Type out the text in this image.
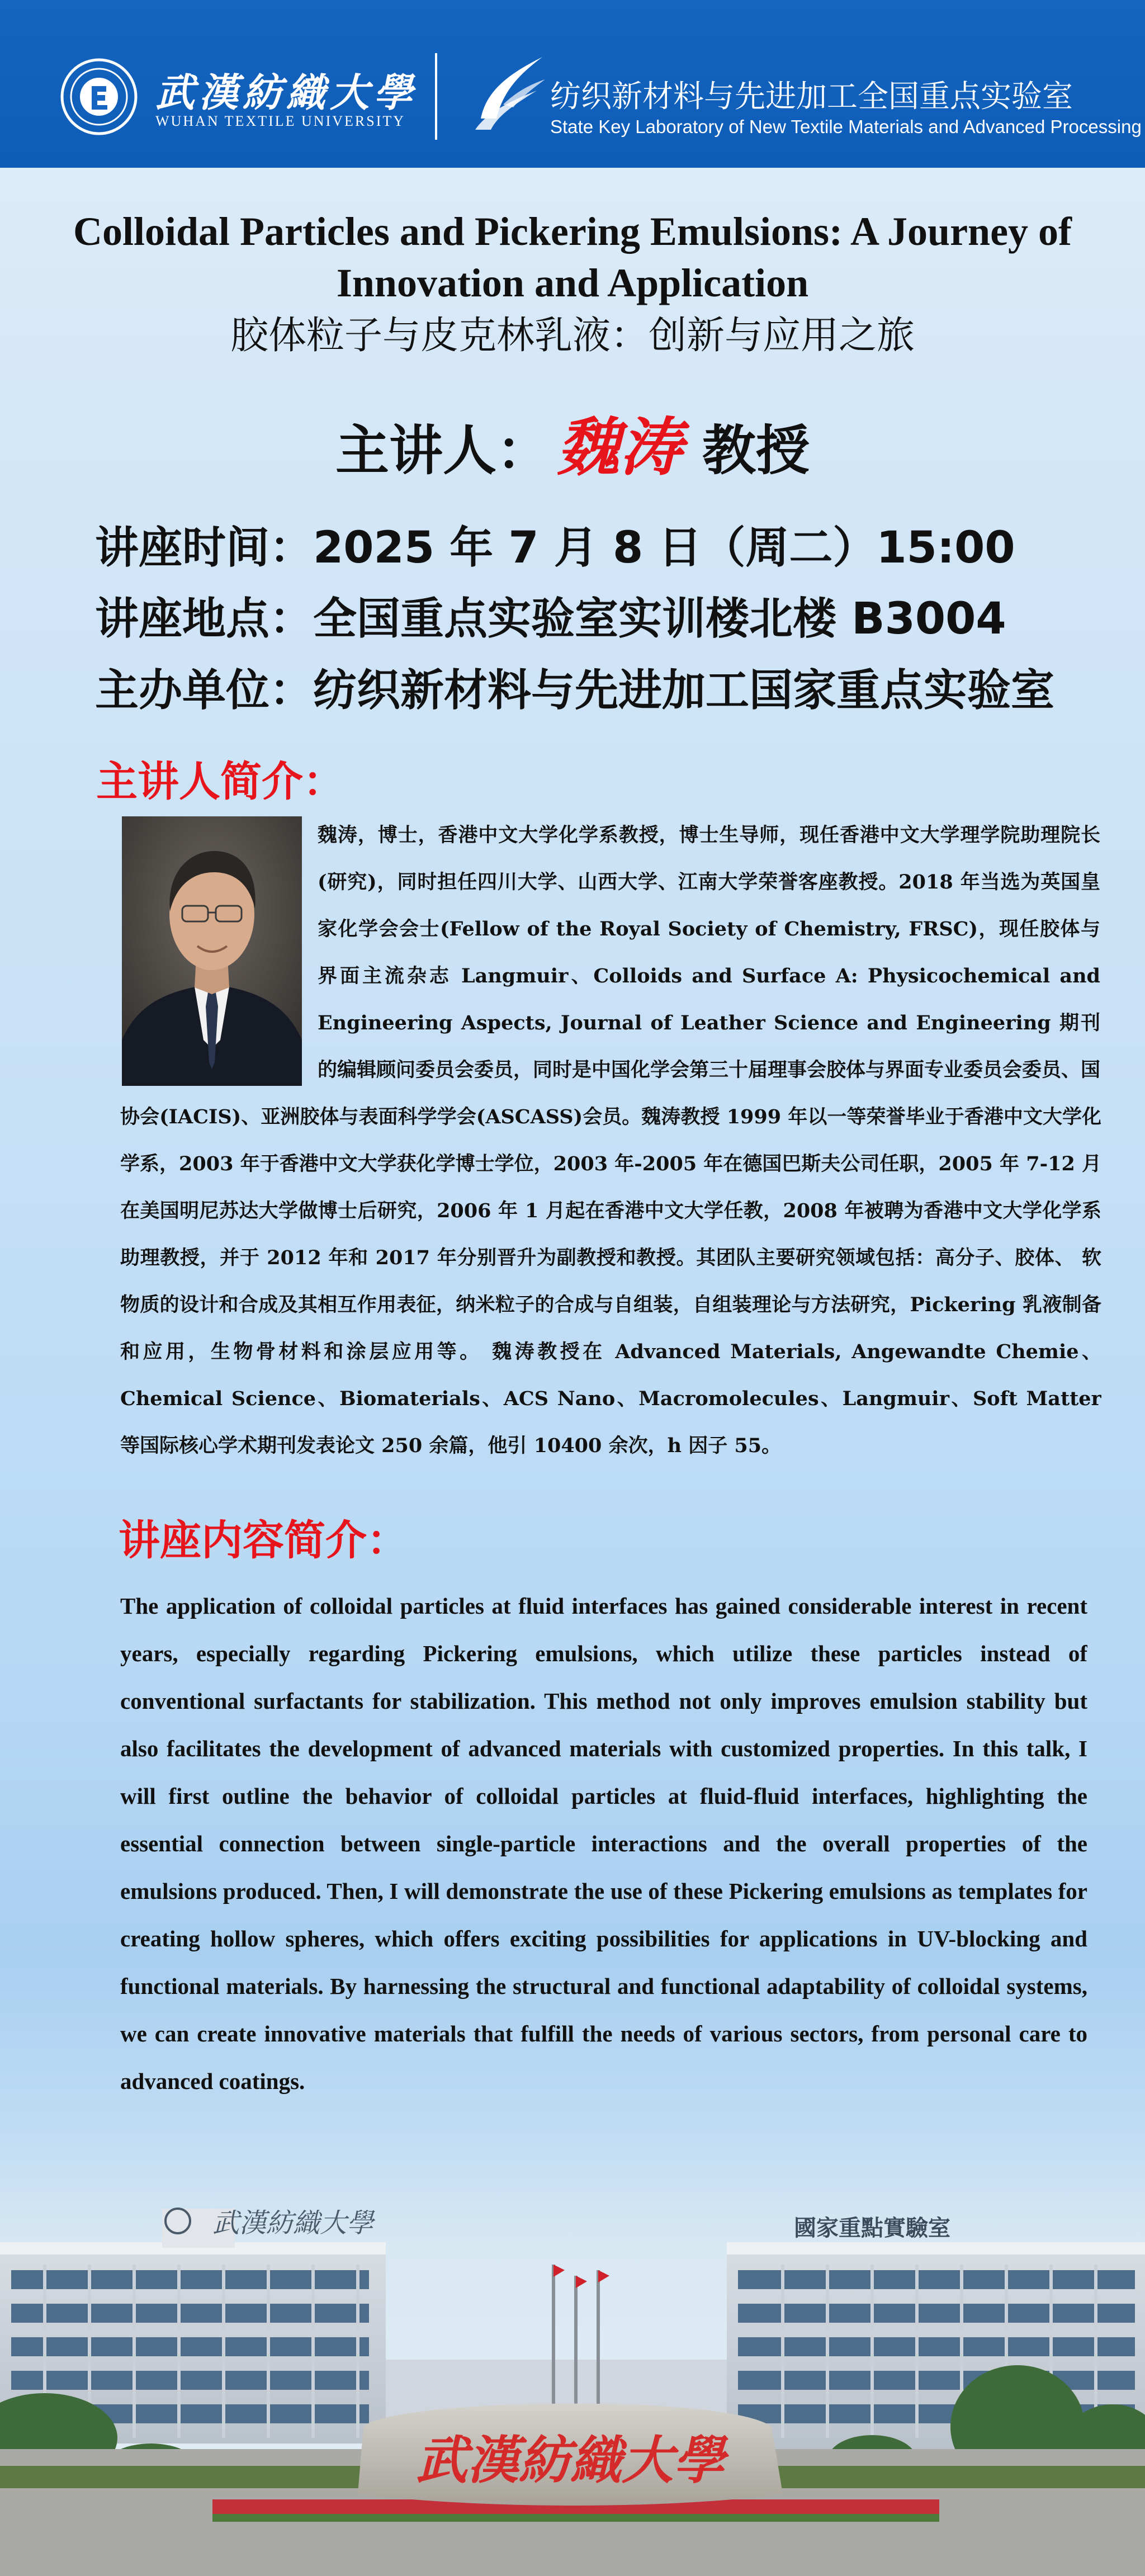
武漢紡織大學
WUHAN TEXTILE UNIVERSITY
纺织新材料与先进加工全国重点实验室
State Key Laboratory of New Textile Materials and Advanced Processing
Colloidal Particles and Pickering Emulsions: A Journey of Innovation and Application
胶体粒子与皮克林乳液：创新与应用之旅
主讲人： 魏涛 教授
讲座时间：2025 年 7 月 8 日（周二）15:00
讲座地点：全国重点实验室实训楼北楼 B3004
主办单位：纺织新材料与先进加工国家重点实验室
主讲人简介：
魏涛，博士，香港中文大学化学系教授，博士生导师，现任香港中文大学理学院助理院长(研究)，同时担任四川大学、山西大学、江南大学荣誉客座教授。2018 年当选为英国皇家化学会会士(Fellow of the Royal Society of Chemistry, FRSC)，现任胶体与界面主流杂志 Langmuir、Colloids and Surface A: Physicochemical and Engineering Aspects, Journal of Leather Science and Engineering 期刊的编辑顾问委员会委员，同时是中国化学会第三十届理事会胶体与界面专业委员会委员、国
协会(IACIS)、亚洲胶体与表面科学学会(ASCASS)会员。魏涛教授 1999 年以一等荣誉毕业于香港中文大学化学系，2003 年于香港中文大学获化学博士学位，2003 年-2005 年在德国巴斯夫公司任职，2005 年 7-12 月在美国明尼苏达大学做博士后研究，2006 年 1 月起在香港中文大学任教，2008 年被聘为香港中文大学化学系助理教授，并于 2012 年和 2017 年分别晋升为副教授和教授。其团队主要研究领域包括：高分子、胶体、 软物质的设计和合成及其相互作用表征，纳米粒子的合成与自组装，自组装理论与方法研究，Pickering 乳液制备和应用，生物骨材料和涂层应用等。 魏涛教授在 Advanced Materials, Angewandte Chemie、Chemical Science、Biomaterials、ACS Nano、Macromolecules、Langmuir、Soft Matter 等国际核心学术期刊发表论文 250 余篇，他引 10400 余次，h 因子 55。
讲座内容简介：
The application of colloidal particles at fluid interfaces has gained considerable interest in recent years, especially regarding Pickering emulsions, which utilize these particles instead of conventional surfactants for stabilization. This method not only improves emulsion stability but also facilitates the development of advanced materials with customized properties. In this talk, I will first outline the behavior of colloidal particles at fluid-fluid interfaces, highlighting the essential connection between single-particle interactions and the overall properties of the emulsions produced. Then, I will demonstrate the use of these Pickering emulsions as templates for creating hollow spheres, which offers exciting possibilities for applications in UV-blocking and functional materials. By harnessing the structural and functional adaptability of colloidal systems, we can create innovative materials that fulfill the needs of various sectors, from personal care to advanced coatings.
武漢紡織大學	國家重點實驗室
武漢紡織大學
